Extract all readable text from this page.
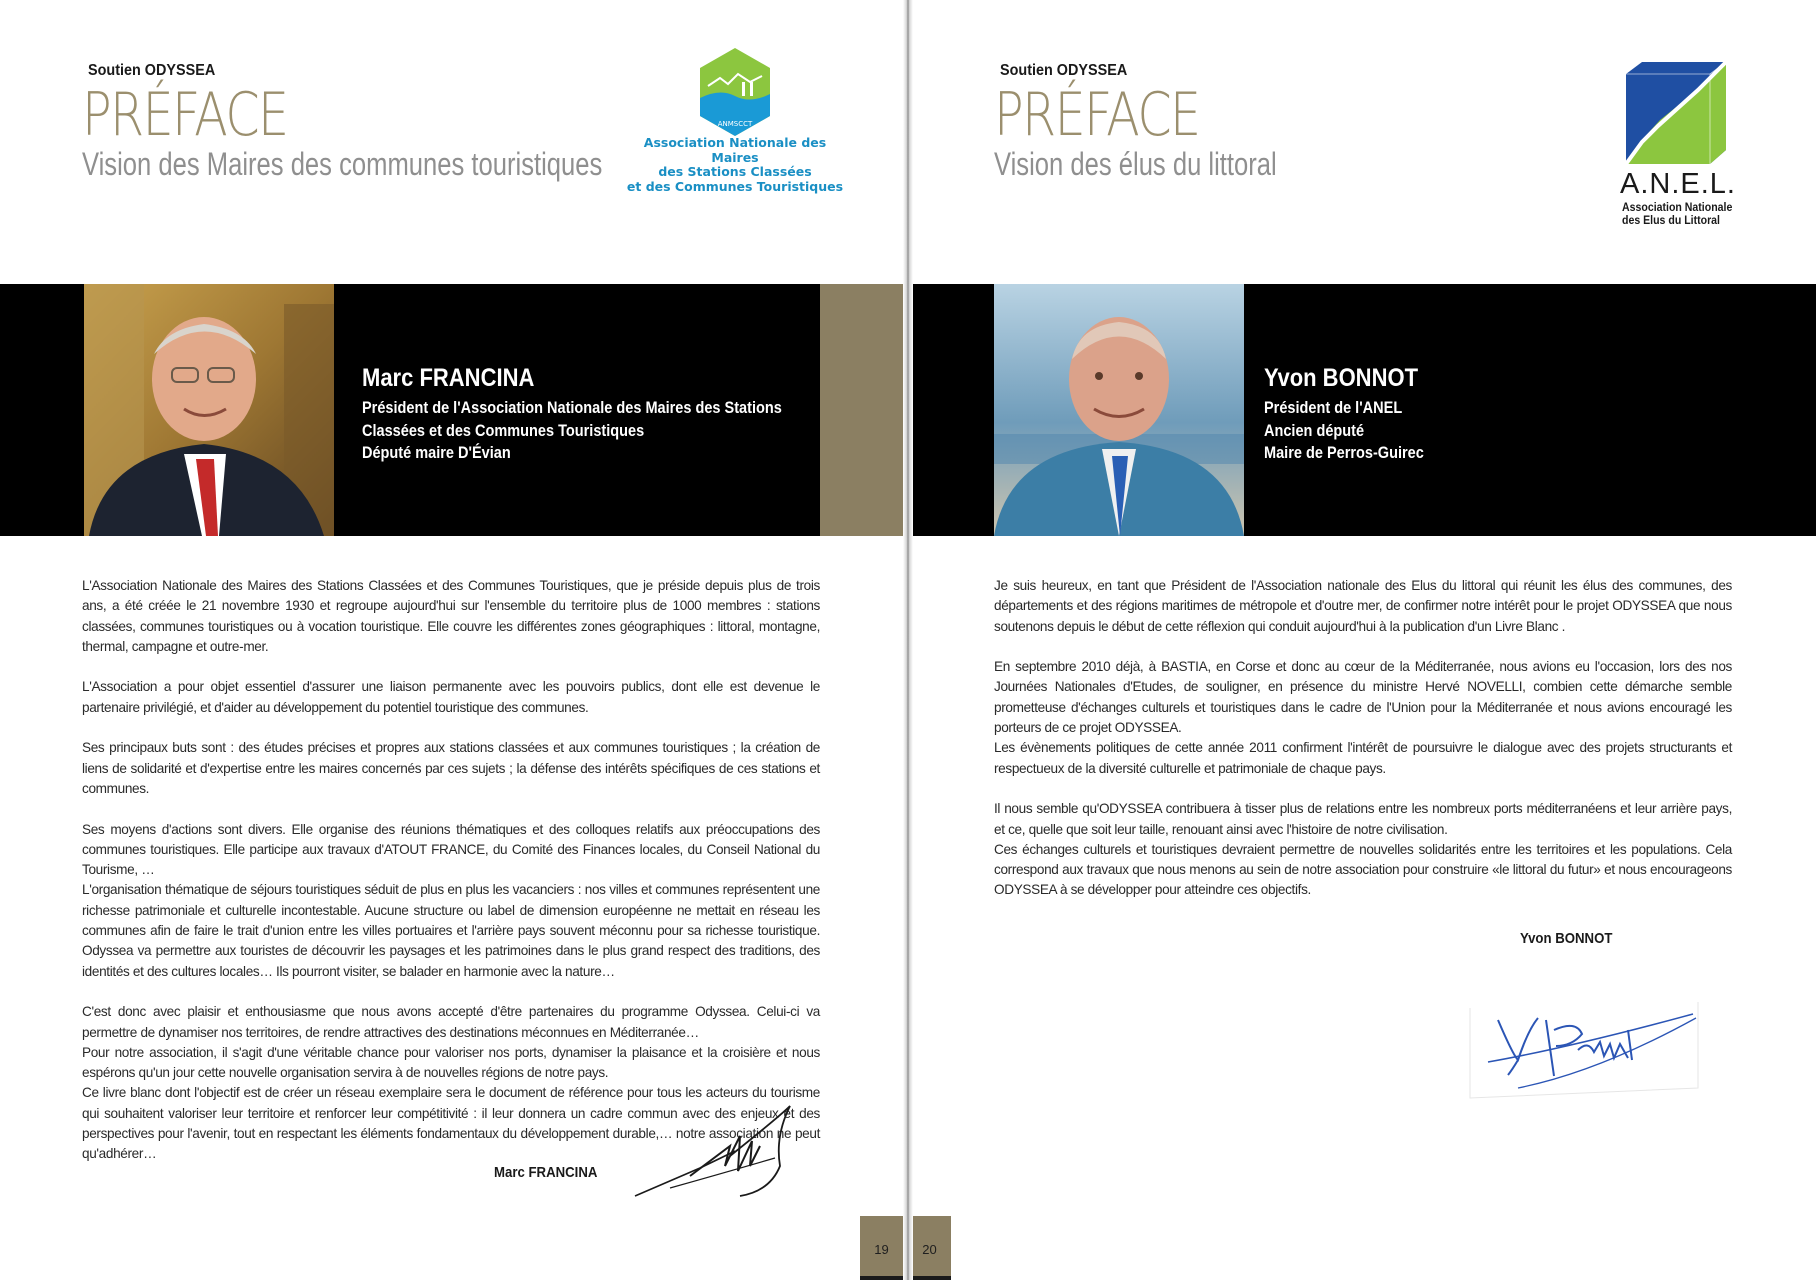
Soutien ODYSSEA
PRÉFACE
Vision des Maires des communes touristiques
ANMSCCT
Association Nationale des Maires
des Stations Classées
et des Communes Touristiques
Marc FRANCINA
Président de l'Association Nationale des Maires des Stations
Classées et des Communes Touristiques
Député maire D'Évian

L'Association Nationale des Maires des Stations Classées et des Communes Touristiques, que je préside depuis plus de trois ans, a été créée le 21 novembre 1930 et regroupe aujourd'hui sur l'ensemble du territoire plus de 1000 membres : stations classées, communes touristiques ou à vocation touristique. Elle couvre les différentes zones géographiques : littoral, montagne, thermal, campagne et outre-mer.

L'Association a pour objet essentiel d'assurer une liaison permanente avec les pouvoirs publics, dont elle est devenue le partenaire privilégié, et d'aider au développement du potentiel touristique des communes.

Ses principaux buts sont : des études précises et propres aux stations classées et aux communes touristiques ; la création de liens de solidarité et d'expertise entre les maires concernés par ces sujets ; la défense des intérêts spécifiques de ces stations et communes.

Ses moyens d'actions sont divers. Elle organise des réunions thématiques et des colloques relatifs aux préoccupations des communes touristiques. Elle participe aux travaux d'ATOUT FRANCE, du Comité des Finances locales, du Conseil National du Tourisme, …

L'organisation thématique de séjours touristiques séduit de plus en plus les vacanciers : nos villes et communes représentent une richesse patrimoniale et culturelle incontestable. Aucune structure ou label de dimension européenne ne mettait en réseau les communes afin de faire le trait d'union entre les villes portuaires et l'arrière pays souvent méconnu pour sa richesse touristique. Odyssea va permettre aux touristes de découvrir les paysages et les patrimoines dans le plus grand respect des traditions, des identités et des cultures locales… Ils pourront visiter, se balader en harmonie avec la nature…

C'est donc avec plaisir et enthousiasme que nous avons accepté d'être partenaires du programme Odyssea. Celui-ci va permettre de dynamiser nos territoires, de rendre attractives des destinations méconnues en Méditerranée…

Pour notre association, il s'agit d'une véritable chance pour valoriser nos ports, dynamiser la plaisance et la croisière et nous espérons qu'un jour cette nouvelle organisation servira à de nouvelles régions de notre pays.

Ce livre blanc dont l'objectif est de créer un réseau exemplaire sera le document de référence pour tous les acteurs du tourisme qui souhaitent valoriser leur territoire et renforcer leur compétitivité : il leur donnera un cadre commun avec des enjeux et des perspectives pour l'avenir, tout en respectant les éléments fondamentaux du développement durable,… notre association ne peut qu'adhérer…

Marc FRANCINA
19
Soutien ODYSSEA
PRÉFACE
Vision des élus du littoral
A.N.E.L.
Association Nationale
des Elus du Littoral
Yvon BONNOT
Président de l'ANEL
Ancien député
Maire de Perros-Guirec

Je suis heureux, en tant que Président de l'Association nationale des Elus du littoral qui réunit les élus des communes, des départements et des régions maritimes de métropole et d'outre mer, de confirmer notre intérêt pour le projet ODYSSEA que nous soutenons depuis le début de cette réflexion qui conduit aujourd'hui à la publication d'un Livre Blanc .

En septembre 2010 déjà, à BASTIA, en Corse et donc au cœur de la Méditerranée, nous avions eu l'occasion, lors des nos Journées Nationales d'Etudes, de souligner, en présence du ministre Hervé NOVELLI, combien cette démarche semble prometteuse d'échanges culturels et touristiques dans le cadre de l'Union pour la Méditerranée et nous avions encouragé les porteurs de ce projet ODYSSEA.

Les évènements politiques de cette année 2011 confirment l'intérêt de poursuivre le dialogue avec des projets structurants et respectueux de la diversité culturelle et patrimoniale de chaque pays.

Il nous semble qu'ODYSSEA contribuera à tisser plus de relations entre les nombreux ports méditerranéens et leur arrière pays, et ce, quelle que soit leur taille, renouant ainsi avec l'histoire de notre civilisation.

Ces échanges culturels et touristiques devraient permettre de nouvelles solidarités entre les territoires et les populations. Cela correspond aux travaux que nous menons au sein de notre association pour construire «le littoral du futur» et nous encourageons ODYSSEA à se développer pour atteindre ces objectifs.

Yvon BONNOT
20
